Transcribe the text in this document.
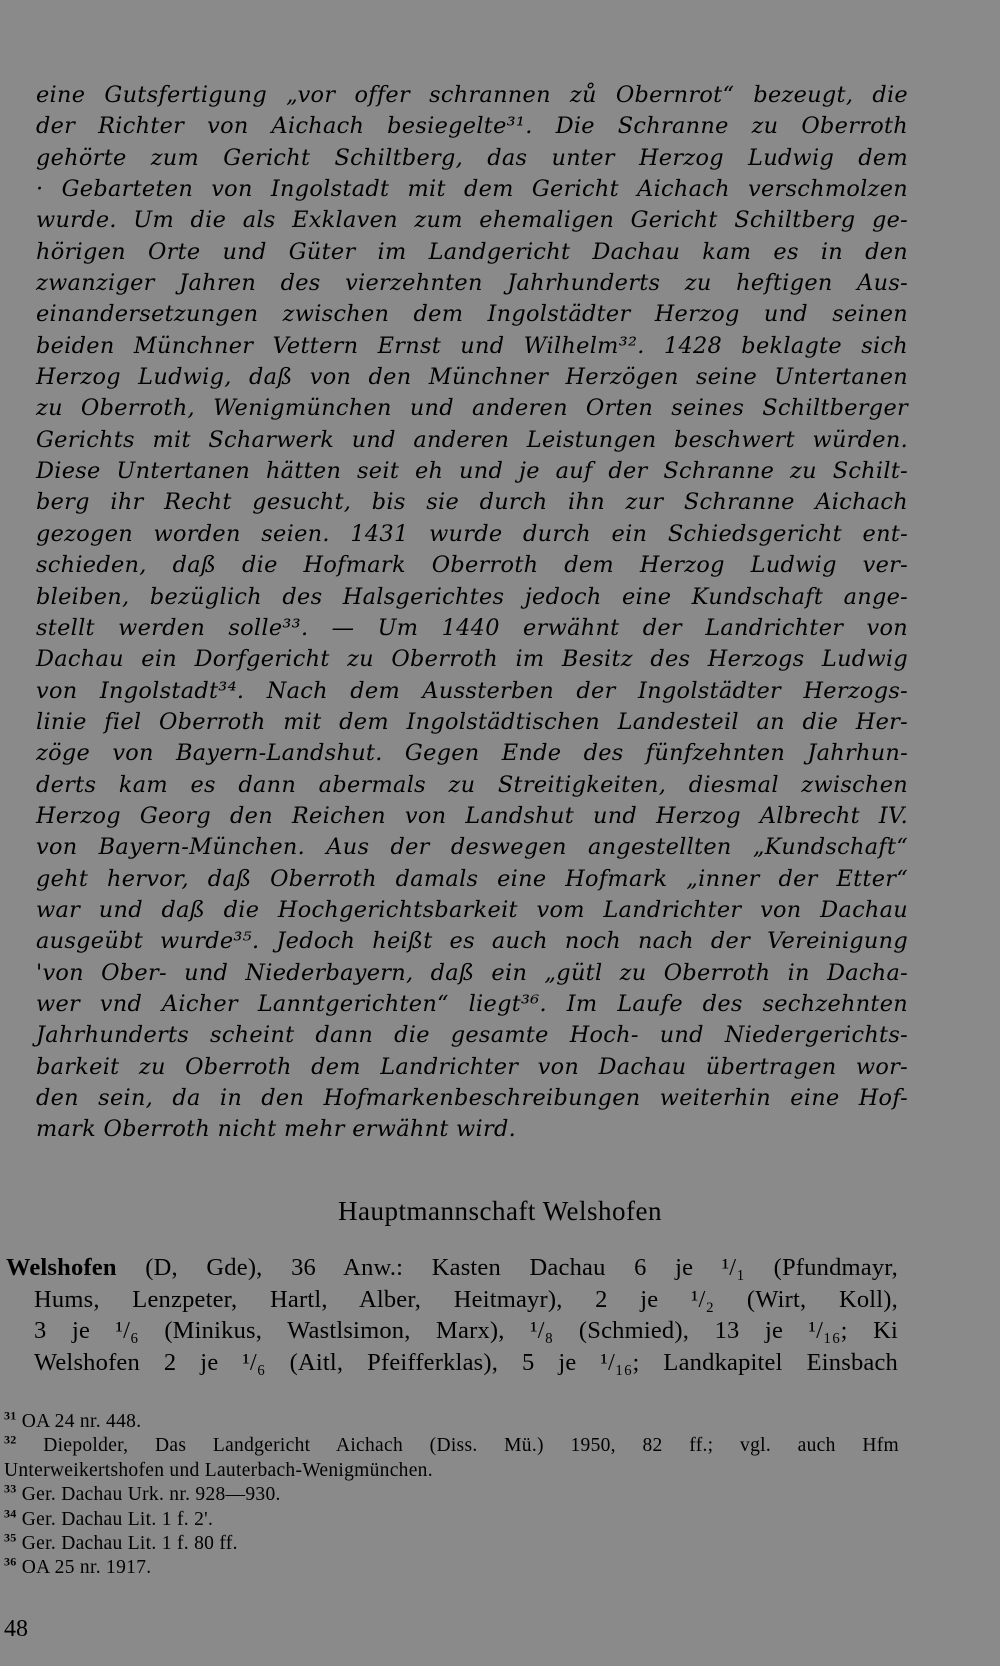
eine Gutsfertigung „vor offer schrannen zů Obernrot“ bezeugt, die
der Richter von Aichach besiegelte³¹. Die Schranne zu Oberroth
gehörte zum Gericht Schiltberg, das unter Herzog Ludwig dem
· Gebarteten von Ingolstadt mit dem Gericht Aichach verschmolzen
wurde. Um die als Exklaven zum ehemaligen Gericht Schiltberg ge-
hörigen Orte und Güter im Landgericht Dachau kam es in den
zwanziger Jahren des vierzehnten Jahrhunderts zu heftigen Aus-
einandersetzungen zwischen dem Ingolstädter Herzog und seinen
beiden Münchner Vettern Ernst und Wilhelm³². 1428 beklagte sich
Herzog Ludwig, daß von den Münchner Herzögen seine Untertanen
zu Oberroth, Wenigmünchen und anderen Orten seines Schiltberger
Gerichts mit Scharwerk und anderen Leistungen beschwert würden.
Diese Untertanen hätten seit eh und je auf der Schranne zu Schilt-
berg ihr Recht gesucht, bis sie durch ihn zur Schranne Aichach
gezogen worden seien. 1431 wurde durch ein Schiedsgericht ent-
schieden, daß die Hofmark Oberroth dem Herzog Ludwig ver-
bleiben, bezüglich des Halsgerichtes jedoch eine Kundschaft ange-
stellt werden solle³³. — Um 1440 erwähnt der Landrichter von
Dachau ein Dorfgericht zu Oberroth im Besitz des Herzogs Ludwig
von Ingolstadt³⁴. Nach dem Aussterben der Ingolstädter Herzogs-
linie fiel Oberroth mit dem Ingolstädtischen Landesteil an die Her-
zöge von Bayern-Landshut. Gegen Ende des fünfzehnten Jahrhun-
derts kam es dann abermals zu Streitigkeiten, diesmal zwischen
Herzog Georg den Reichen von Landshut und Herzog Albrecht IV.
von Bayern-München. Aus der deswegen angestellten „Kundschaft“
geht hervor, daß Oberroth damals eine Hofmark „inner der Etter“
war und daß die Hochgerichtsbarkeit vom Landrichter von Dachau
ausgeübt wurde³⁵. Jedoch heißt es auch noch nach der Vereinigung
'von Ober- und Niederbayern, daß ein „gütl zu Oberroth in Dacha-
wer vnd Aicher Lanntgerichten“ liegt³⁶. Im Laufe des sechzehnten
Jahrhunderts scheint dann die gesamte Hoch- und Niedergerichts-
barkeit zu Oberroth dem Landrichter von Dachau übertragen wor-
den sein, da in den Hofmarkenbeschreibungen weiterhin eine Hof-
mark Oberroth nicht mehr erwähnt wird.
Hauptmannschaft Welshofen
Welshofen (D, Gde), 36 Anw.: Kasten Dachau 6 je ¹/₁ (Pfundmayr,
Hums, Lenzpeter, Hartl, Alber, Heitmayr), 2 je ¹/₂ (Wirt, Koll),
3 je ¹/₆ (Minikus, Wastlsimon, Marx), ¹/₈ (Schmied), 13 je ¹/₁₆; Ki
Welshofen 2 je ¹/₆ (Aitl, Pfeifferklas), 5 je ¹/₁₆; Landkapitel Einsbach
$^{31}$ OA 24 nr. 448.
$^{32}$ Diepolder, Das Landgericht Aichach (Diss. Mü.) 1950, 82 ff.; vgl. auch Hfm
Unterweikertshofen und Lauterbach-Wenigmünchen.
$^{33}$ Ger. Dachau Urk. nr. 928—930.
$^{34}$ Ger. Dachau Lit. 1 f. 2'.
$^{35}$ Ger. Dachau Lit. 1 f. 80 ff.
$^{36}$ OA 25 nr. 1917.
48
